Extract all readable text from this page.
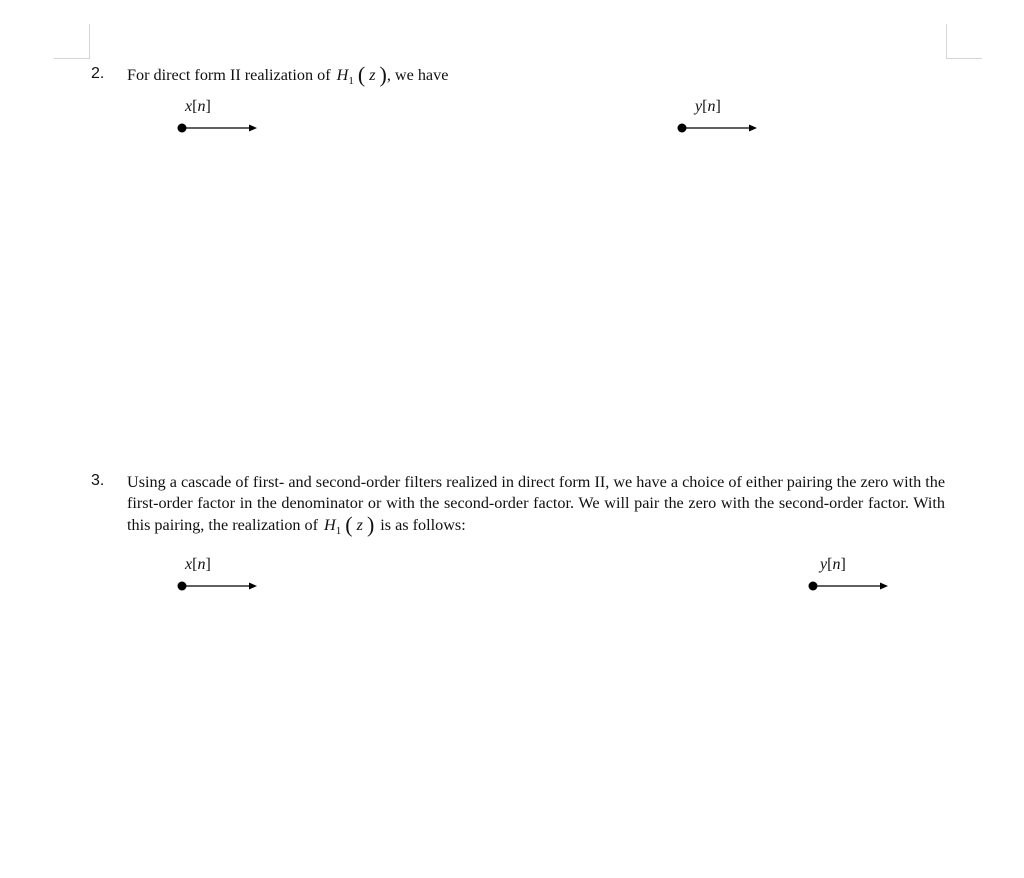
2. For direct form II realization of $H_1$ ( z ), we have
x[n]	y[n]
3. Using a cascade of first- and second-order filters realized in direct form II, we have a choice of either pairing the zero with the first-order factor in the denominator or with the second-order factor. We will pair the zero with the second-order factor. With this pairing, the realization of $H_1$ ( z ) is as follows:
x[n]	y[n]
